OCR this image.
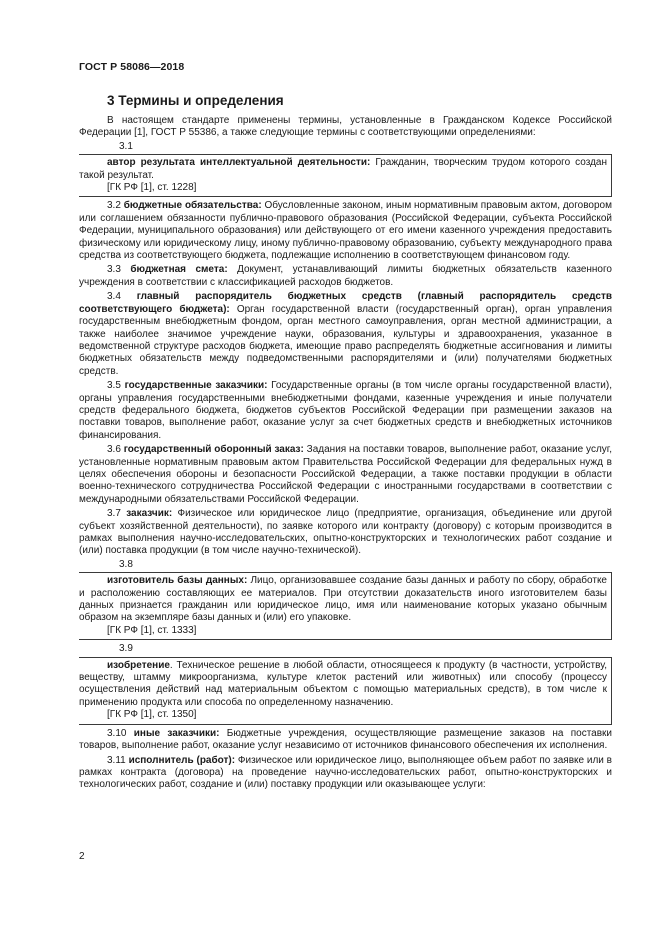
ГОСТ Р 58086—2018
3 Термины и определения

В настоящем стандарте применены термины, установленные в Гражданском Кодексе Российской Федерации [1], ГОСТ Р 55386, а также следующие термины с соответствующими определениями:

3.1

автор результата интеллектуальной деятельности: Гражданин, творческим трудом которого создан такой результат.

[ГК РФ [1], ст. 1228]

3.2 бюджетные обязательства: Обусловленные законом, иным нормативным правовым актом, договором или соглашением обязанности публично-правового образования (Российской Федерации, субъекта Российской Федерации, муниципального образования) или действующего от его имени казенного учреждения предоставить физическому или юридическому лицу, иному публично-правовому образованию, субъекту международного права средства из соответствующего бюджета, подлежащие исполнению в соответствующем финансовом году.

3.3 бюджетная смета: Документ, устанавливающий лимиты бюджетных обязательств казенного учреждения в соответствии с классификацией расходов бюджетов.

3.4 главный распорядитель бюджетных средств (главный распорядитель средств соответствующего бюджета): Орган государственной власти (государственный орган), орган управления государственным внебюджетным фондом, орган местного самоуправления, орган местной администрации, а также наиболее значимое учреждение науки, образования, культуры и здравоохранения, указанное в ведомственной структуре расходов бюджета, имеющие право распределять бюджетные ассигнования и лимиты бюджетных обязательств между подведомственными распорядителями и (или) получателями бюджетных средств.

3.5 государственные заказчики: Государственные органы (в том числе органы государственной власти), органы управления государственными внебюджетными фондами, казенные учреждения и иные получатели средств федерального бюджета, бюджетов субъектов Российской Федерации при размещении заказов на поставки товаров, выполнение работ, оказание услуг за счет бюджетных средств и внебюджетных источников финансирования.

3.6 государственный оборонный заказ: Задания на поставки товаров, выполнение работ, оказание услуг, установленные нормативным правовым актом Правительства Российской Федерации для федеральных нужд в целях обеспечения обороны и безопасности Российской Федерации, а также поставки продукции в области военно-технического сотрудничества Российской Федерации с иностранными государствами в соответствии с международными обязательствами Российской Федерации.

3.7 заказчик: Физическое или юридическое лицо (предприятие, организация, объединение или другой субъект хозяйственной деятельности), по заявке которого или контракту (договору) с которым производится в рамках выполнения научно-исследовательских, опытно-конструкторских и технологических работ создание и (или) поставка продукции (в том числе научно-технической).

3.8

изготовитель базы данных: Лицо, организовавшее создание базы данных и работу по сбору, обработке и расположению составляющих ее материалов. При отсутствии доказательств иного изготовителем базы данных признается гражданин или юридическое лицо, имя или наименование которых указано обычным образом на экземпляре базы данных и (или) его упаковке.

[ГК РФ [1], ст. 1333]
3.9

изобретение. Техническое решение в любой области, относящееся к продукту (в частности, устройству, веществу, штамму микроорганизма, культуре клеток растений или животных) или способу (процессу осуществления действий над материальным объектом с помощью материальных средств), в том числе к применению продукта или способа по определенному назначению.

[ГК РФ [1], ст. 1350]

3.10 иные заказчики: Бюджетные учреждения, осуществляющие размещение заказов на поставки товаров, выполнение работ, оказание услуг независимо от источников финансового обеспечения их исполнения.

3.11 исполнитель (работ): Физическое или юридическое лицо, выполняющее объем работ по заявке или в рамках контракта (договора) на проведение научно-исследовательских работ, опытно-конструкторских и технологических работ, создание и (или) поставку продукции или оказывающее услуги:

2
